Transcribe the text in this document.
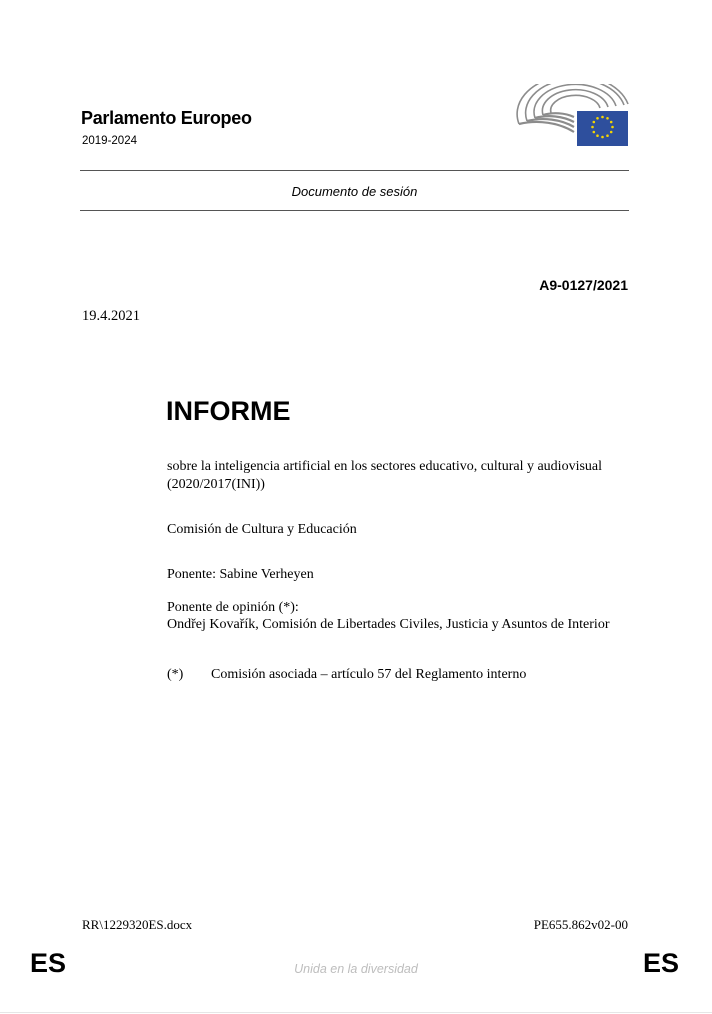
Parlamento Europeo
2019-2024
Documento de sesión
A9-0127/2021
19.4.2021
INFORME
sobre la inteligencia artificial en los sectores educativo, cultural y audiovisual
(2020/2017(INI))
Comisión de Cultura y Educación
Ponente: Sabine Verheyen
Ponente de opinión (*):
Ondřej Kovařík, Comisión de Libertades Civiles, Justicia y Asuntos de Interior
(*) Comisión asociada – artículo 57 del Reglamento interno
RR\1229320ES.docx	PE655.862v02-00
ES	Unida en la diversidad	ES
